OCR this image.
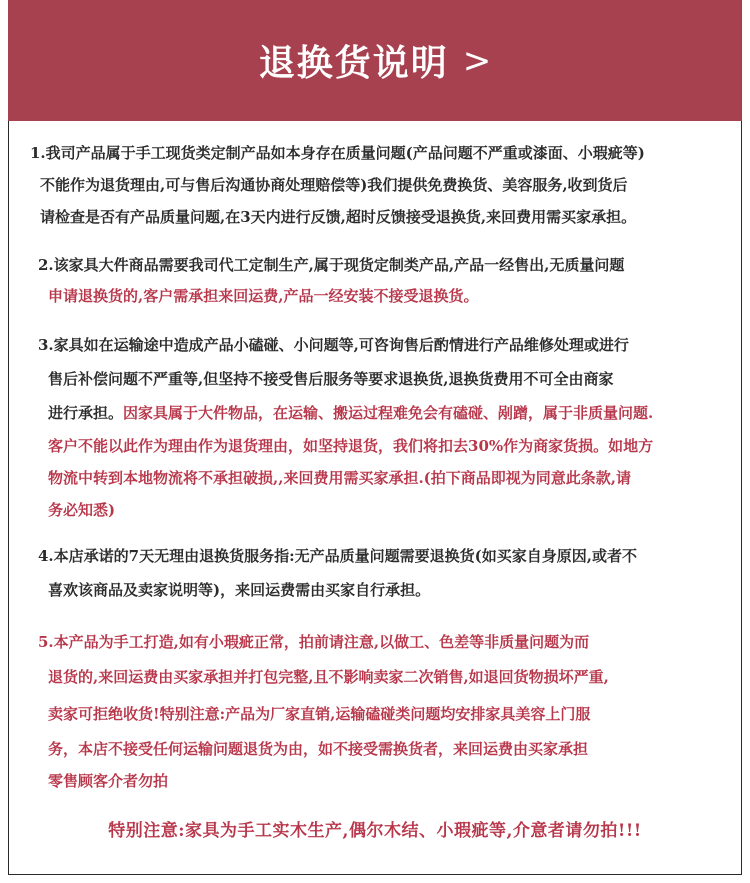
退换货说明 >
1.我司产品属于手工现货类定制产品如本身存在质量问题(产品问题不严重或漆面、小瑕疵等)
不能作为退货理由,可与售后沟通协商处理赔偿等)我们提供免费换货、美容服务,收到货后
请检查是否有产品质量问题,在3天内进行反馈,超时反馈接受退换货,来回费用需买家承担。
2.该家具大件商品需要我司代工定制生产,属于现货定制类产品,产品一经售出,无质量问题
申请退换货的,客户需承担来回运费,产品一经安装不接受退换货。
3.家具如在运输途中造成产品小磕碰、小问题等,可咨询售后酌情进行产品维修处理或进行
售后补偿问题不严重等,但坚持不接受售后服务等要求退换货,退换货费用不可全由商家
进行承担。因家具属于大件物品，在运输、搬运过程难免会有磕碰、剐蹭，属于非质量问题.
客户不能以此作为理由作为退货理由，如坚持退货，我们将扣去30%作为商家货损。如地方
物流中转到本地物流将不承担破损,,来回费用需买家承担.(拍下商品即视为同意此条款,请
务必知悉)
4.本店承诺的7天无理由退换货服务指:无产品质量问题需要退换货(如买家自身原因,或者不
喜欢该商品及卖家说明等)，来回运费需由买家自行承担。
5.本产品为手工打造,如有小瑕疵正常，拍前请注意,以做工、色差等非质量问题为而
退货的,来回运费由买家承担并打包完整,且不影响卖家二次销售,如退回货物损坏严重,
卖家可拒绝收货!特别注意:产品为厂家直销,运输磕碰类问题均安排家具美容上门服
务，本店不接受任何运输问题退货为由，如不接受需换货者，来回运费由买家承担
零售顾客介者勿拍
特别注意:家具为手工实木生产,偶尔木结、小瑕疵等,介意者请勿拍!!!
